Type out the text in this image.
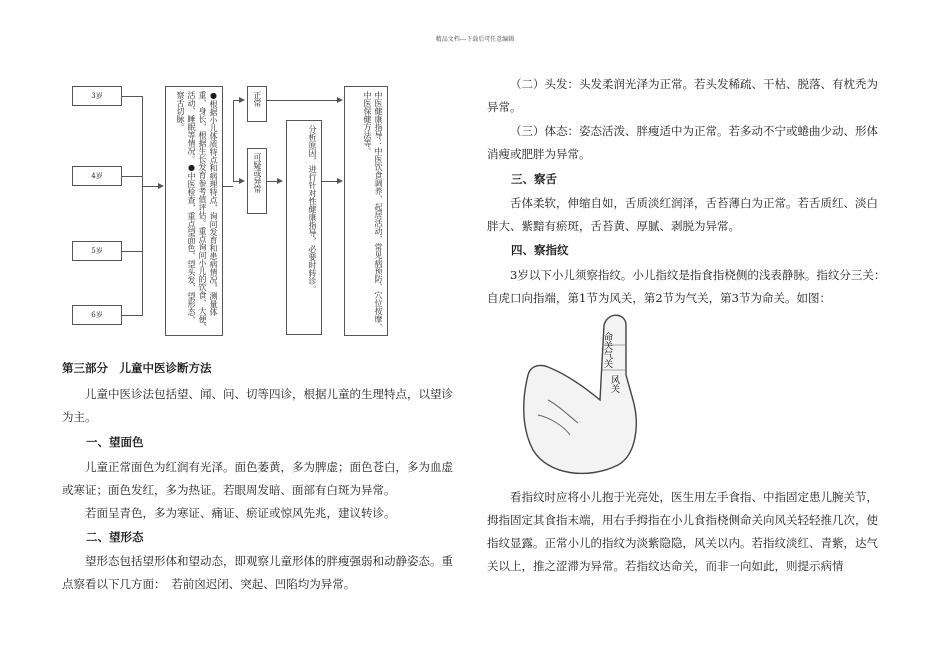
精品文档---下载后可任意编辑
3岁
4岁
5岁
6岁	●根据小儿体质特点和病理特点，询问发育和患病情况，测量体重、身长，根据生长发育参考值评估。重点询问小儿的饮食、大便、活动、睡眠等情况。●中医检查，重点望面色、望头发、望形态、察舌切脉。	正常
可疑或异常	分析原因，进行针对性健康指导，必要时转诊。	中医健康指导：中医饮食调养、起居活动、常见病预防、穴位按摩、中医保健方法等。
第三部分　儿童中医诊断方法

儿童中医诊法包括望、闻、问、切等四诊，根据儿童的生理特点，以望诊为主。

一、望面色

儿童正常面色为红润有光泽。面色萎黄，多为脾虚；面色苍白，多为血虚或寒证；面色发红，多为热证。若眼周发暗、面部有白斑为异常。

若面呈青色，多为寒证、痛证、瘀证或惊风先兆，建议转诊。

二、望形态

望形态包括望形体和望动态，即观察儿童形体的胖瘦强弱和动静姿态。重点察看以下几方面：　若前囟迟闭、突起、凹陷均为异常。

（二）头发：头发柔润光泽为正常。若头发稀疏、干枯、脱落、有枕秃为异常。

（三）体态：姿态活泼、胖瘦适中为正常。若多动不宁或蜷曲少动、形体消瘦或肥胖为异常。

三、察舌

舌体柔软，伸缩自如，舌质淡红润泽，舌苔薄白为正常。若舌质红、淡白胖大、紫黯有瘀斑，舌苔黄、厚腻、剥脱为异常。

四、察指纹

3岁以下小儿须察指纹。小儿指纹是指食指桡侧的浅表静脉。指纹分三关：自虎口向指端，第1节为风关，第2节为气关，第3节为命关。如图：

命关
气关
风关

看指纹时应将小儿抱于光亮处，医生用左手食指、中指固定患儿腕关节，拇指固定其食指末端，用右手拇指在小儿食指桡侧命关向风关轻轻推几次，使指纹显露。正常小儿的指纹为淡紫隐隐，风关以内。若指纹淡红、青紫，达气关以上，推之涩滞为异常。若指纹达命关，而非一向如此，则提示病情
